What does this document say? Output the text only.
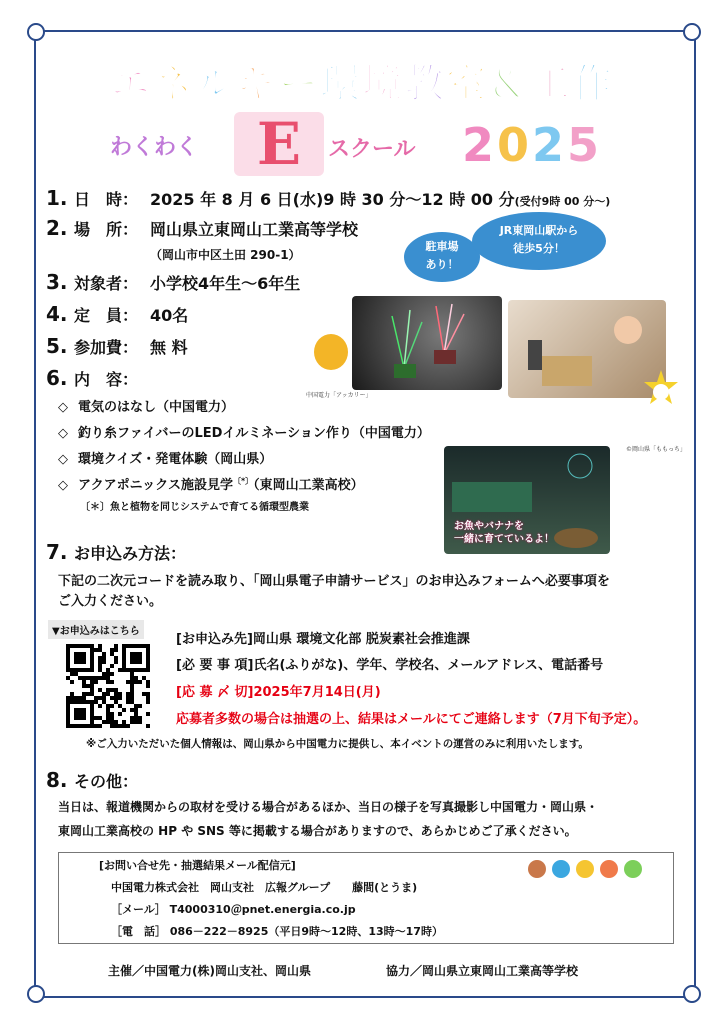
エネルギー環境教室＆工作
わくわく	E	スクール 2025
1. 日　時： 2025 年 8 月 6 日(水)9 時 30 分～12 時 00 分(受付9時 00 分～)
2. 場　所： 岡山県立東岡山工業高等学校
（岡山市中区土田 290-1）
3. 対象者： 小学校4年生～6年生
4. 定　員： 40名
5. 参加費： 無 料
6. 内　容：
◇ 電気のはなし（中国電力）
◇ 釣り糸ファイバーのLEDイルミネーション作り（中国電力）
◇ 環境クイズ・発電体験（岡山県）
◇ アクアポニックス施設見学〔*〕（東岡山工業高校）
〔＊〕魚と植物を同じシステムで育てる循環型農業
駐車場
あり！
JR東岡山駅から
徒歩5分！
中国電力「アッカリー」
©岡山県「ももっち」
お魚やバナナを
一緒に育てているよ！
7. お申込み方法：
下記の二次元コードを読み取り、「岡山県電子申請サービス」のお申込みフォームへ必要事項を
ご入力ください。
▼お申込みはこちら
[お申込み先]岡山県 環境文化部 脱炭素社会推進課
[必 要 事 項]氏名(ふりがな)、学年、学校名、メールアドレス、電話番号
[応 募 〆 切]2025年7月14日(月)
応募者多数の場合は抽選の上、結果はメールにてご連絡します（7月下旬予定）。
※ご入力いただいた個人情報は、岡山県から中国電力に提供し、本イベントの運営のみに利用いたします。
8. その他：
当日は、報道機関からの取材を受ける場合があるほか、当日の様子を写真撮影し中国電力・岡山県・
東岡山工業高校の HP や SNS 等に掲載する場合がありますので、あらかじめご了承ください。
[お問い合せ先・抽選結果メール配信元]
中国電力株式会社　岡山支社　広報グループ　　藤間(とうま)
［メール］ T4000310＠pnet.energia.co.jp
［電　話］ 086－222－8925（平日9時～12時、13時～17時）
主催／中国電力(株)岡山支社、岡山県	協力／岡山県立東岡山工業高等学校
